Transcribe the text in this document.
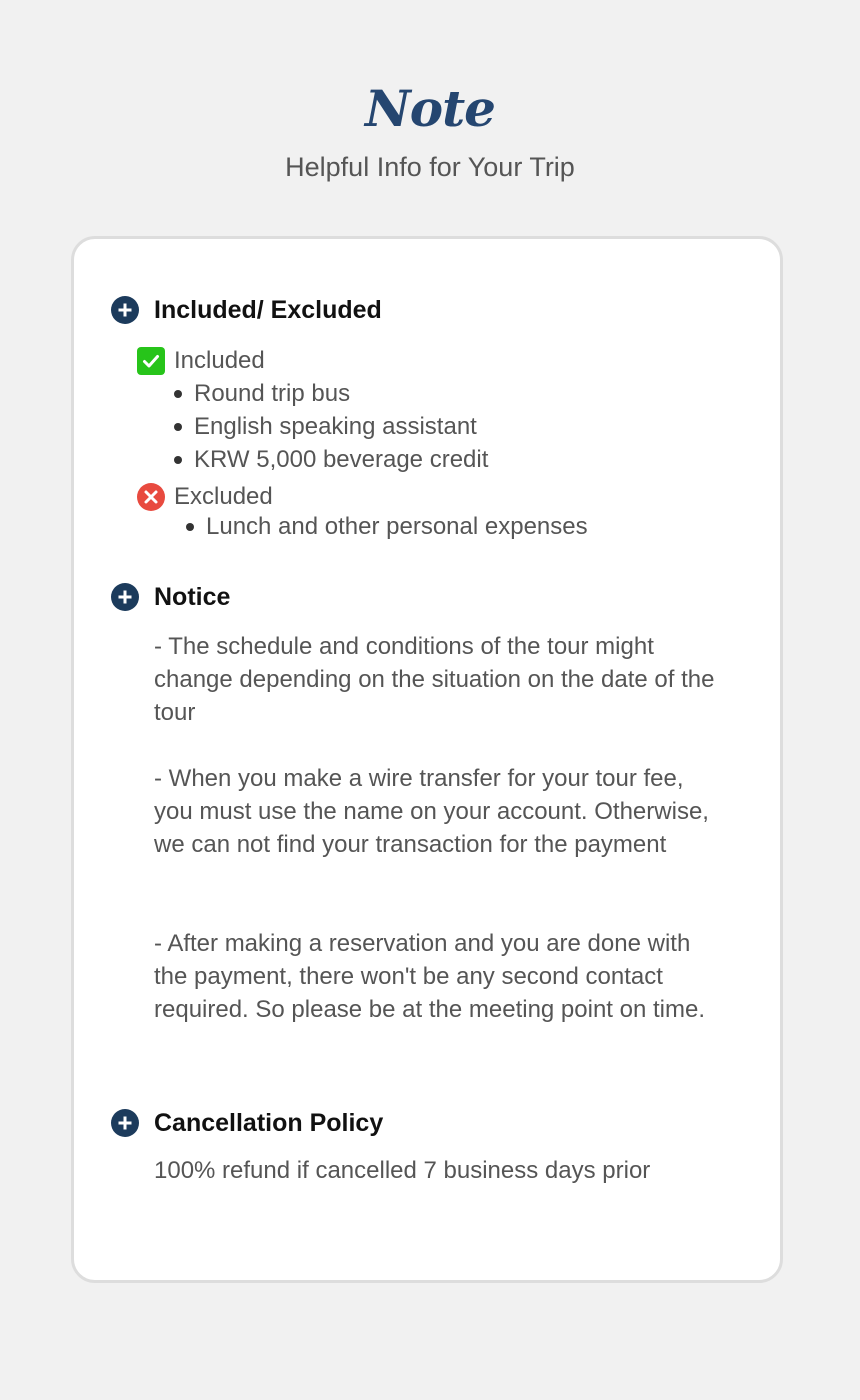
Note
Helpful Info for Your Trip
Included/ Excluded
Included
Round trip bus
English speaking assistant
KRW 5,000 beverage credit
Excluded
Lunch and other personal expenses
Notice

- The schedule and conditions of the tour might change depending on the situation on the date of the tour

- When you make a wire transfer for your tour fee, you must use the name on your account. Otherwise, we can not find your transaction for the payment

- After making a reservation and you are done with the payment, there won't be any second contact required. So please be at the meeting point on time.

Cancellation Policy

100% refund if cancelled 7 business days prior
